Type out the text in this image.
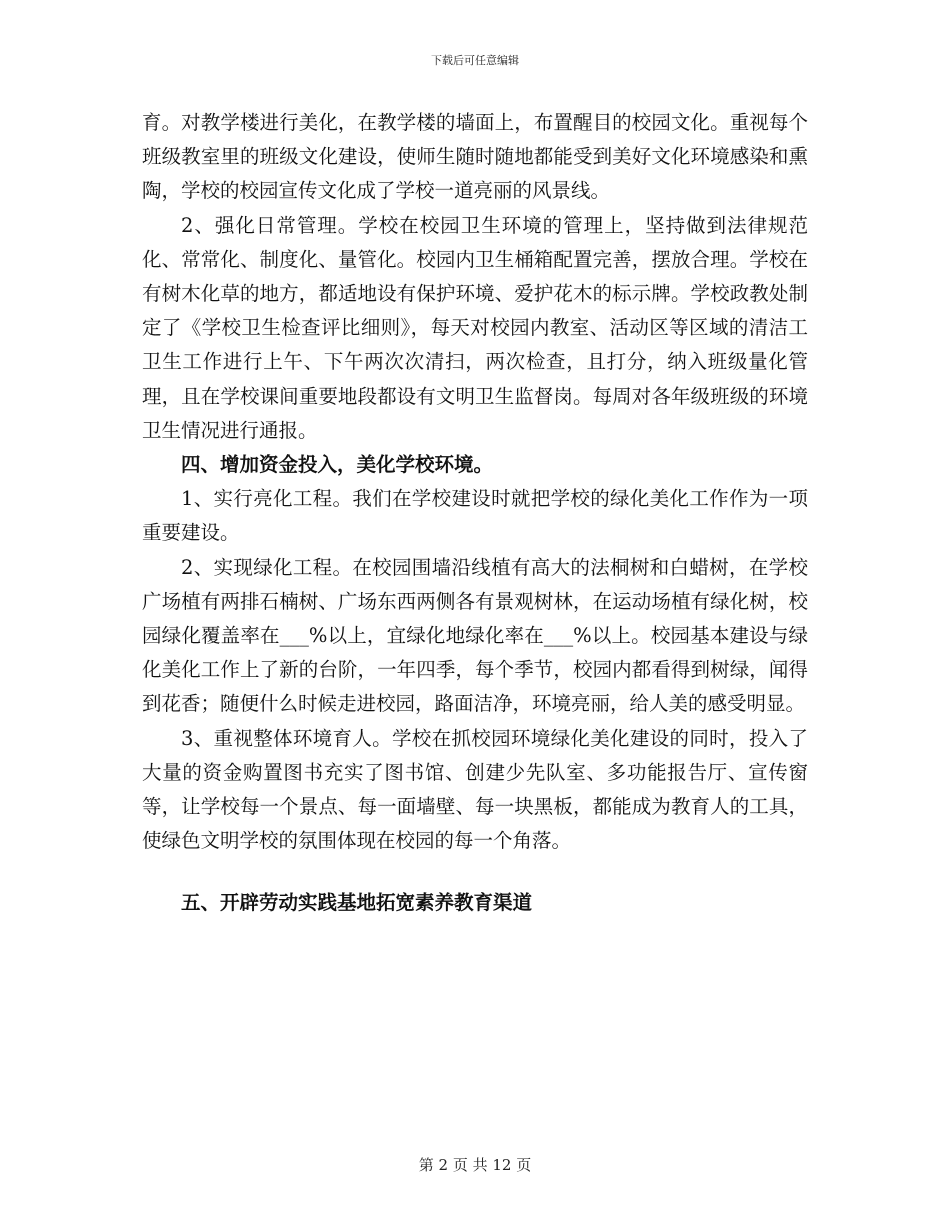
下载后可任意编辑

育。对教学楼进行美化，在教学楼的墙面上，布置醒目的校园文化。重视每个班级教室里的班级文化建设，使师生随时随地都能受到美好文化环境感染和熏陶，学校的校园宣传文化成了学校一道亮丽的风景线。

2、强化日常管理。学校在校园卫生环境的管理上，坚持做到法律规范化、常常化、制度化、量管化。校园内卫生桶箱配置完善，摆放合理。学校在有树木化草的地方，都适地设有保护环境、爱护花木的标示牌。学校政教处制定了《学校卫生检查评比细则》，每天对校园内教室、活动区等区域的清洁工卫生工作进行上午、下午两次次清扫，两次检查，且打分，纳入班级量化管理，且在学校课间重要地段都设有文明卫生监督岗。每周对各年级班级的环境卫生情况进行通报。

四、增加资金投入，美化学校环境。

1、实行亮化工程。我们在学校建设时就把学校的绿化美化工作作为一项重要建设。

2、实现绿化工程。在校园围墙沿线植有高大的法桐树和白蜡树，在学校广场植有两排石楠树、广场东西两侧各有景观树林，在运动场植有绿化树，校园绿化覆盖率在___%以上，宜绿化地绿化率在___%以上。校园基本建设与绿化美化工作上了新的台阶，一年四季，每个季节，校园内都看得到树绿，闻得到花香；随便什么时候走进校园，路面洁净，环境亮丽，给人美的感受明显。

3、重视整体环境育人。学校在抓校园环境绿化美化建设的同时，投入了大量的资金购置图书充实了图书馆、创建少先队室、多功能报告厅、宣传窗等，让学校每一个景点、每一面墙壁、每一块黑板，都能成为教育人的工具，使绿色文明学校的氛围体现在校园的每一个角落。

五、开辟劳动实践基地拓宽素养教育渠道

第 2 页 共 12 页
